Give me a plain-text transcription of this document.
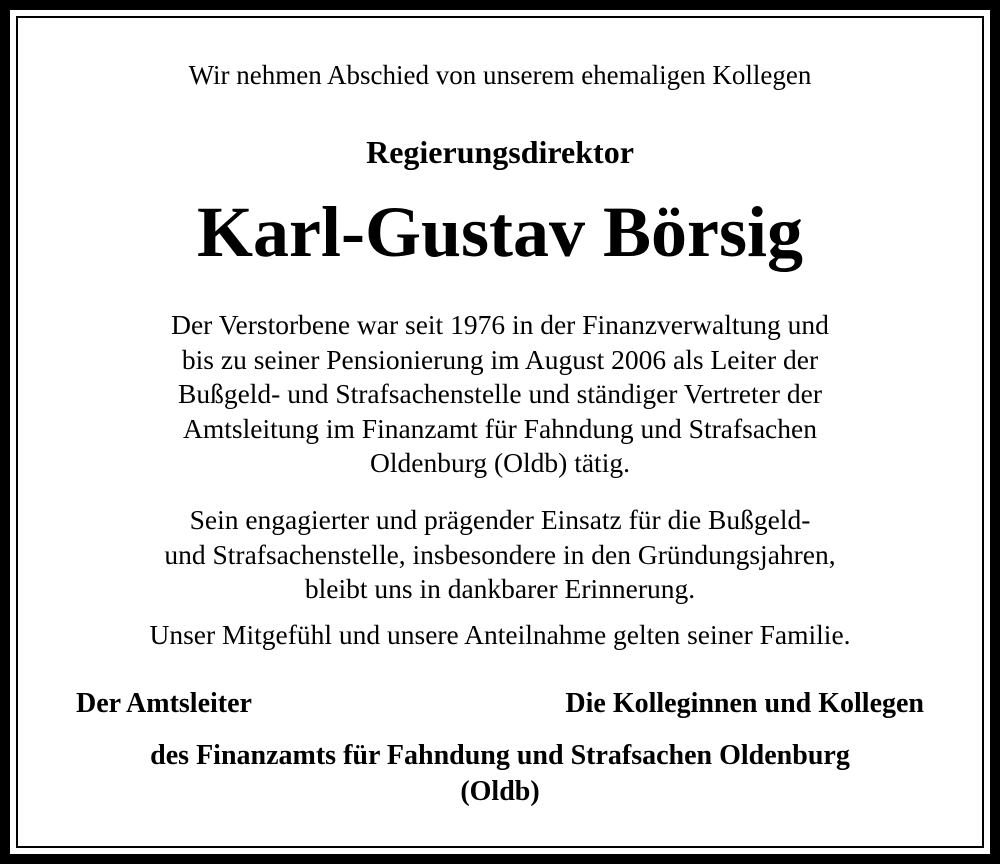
Wir nehmen Abschied von unserem ehemaligen Kollegen
Regierungsdirektor
Karl-Gustav Börsig
Der Verstorbene war seit 1976 in der Finanzverwaltung und
bis zu seiner Pensionierung im August 2006 als Leiter der
Bußgeld- und Strafsachenstelle und ständiger Vertreter der
Amtsleitung im Finanzamt für Fahndung und Strafsachen
Oldenburg (Oldb) tätig.
Sein engagierter und prägender Einsatz für die Bußgeld-
und Strafsachenstelle, insbesondere in den Gründungsjahren,
bleibt uns in dankbarer Erinnerung.
Unser Mitgefühl und unsere Anteilnahme gelten seiner Familie.
Der Amtsleiter	Die Kolleginnen und Kollegen
des Finanzamts für Fahndung und Strafsachen Oldenburg
(Oldb)
